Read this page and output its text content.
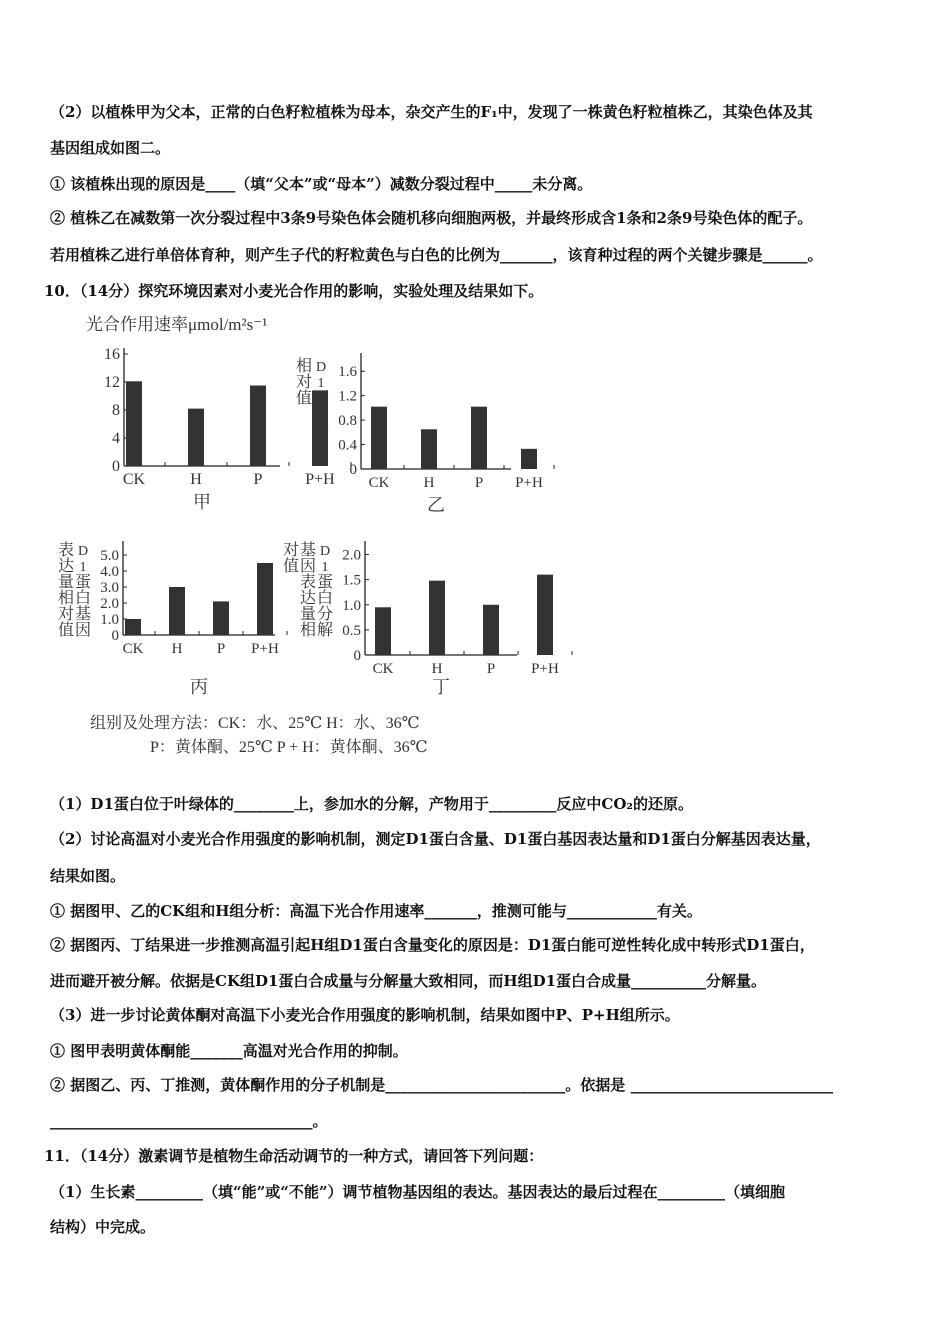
（2）以植株甲为父本，正常的白色籽粒植株为母本，杂交产生的F₁中，发现了一株黄色籽粒植株乙，其染色体及其
基因组成如图二。
① 该植株出现的原因是____（填“父本”或“母本”）减数分裂过程中_____未分离。
② 植株乙在减数第一次分裂过程中3条9号染色体会随机移向细胞两极，并最终形成含1条和2条9号染色体的配子。
若用植株乙进行单倍体育种，则产生子代的籽粒黄色与白色的比例为_______，该育种过程的两个关键步骤是______。
10．（14分）探究环境因素对小麦光合作用的影响，实验处理及结果如下。
0
4
8
12
16
CK	H	P	P+H
甲
光合作用速率μmol/m²s⁻¹
0
0.4
0.8
1.2
1.6
CK H	P P+H
乙
D
1
蛋
白
含
量
相
对
值
0
1.0
2.0
3.0
4.0
5.0
CK H P P+H
丙
D
1
蛋
白
基
因
表
达
量
相
对
值
0
0.5
1.0
1.5
2.0
CK	H	P P+H
丁
D
1
蛋
白
分
解
基
因
表
达
量
相
对
值
组别及处理方法：CK：水、25℃ H：水、36℃
P：黄体酮、25℃ P + H：黄体酮、36℃
（1）D1蛋白位于叶绿体的________上，参加水的分解，产物用于_________反应中CO₂的还原。
（2）讨论高温对小麦光合作用强度的影响机制，测定D1蛋白含量、D1蛋白基因表达量和D1蛋白分解基因表达量，
结果如图。
① 据图甲、乙的CK组和H组分析：高温下光合作用速率_______，推测可能与____________有关。
② 据图丙、丁结果进一步推测高温引起H组D1蛋白含量变化的原因是：D1蛋白能可逆性转化成中转形式D1蛋白，
进而避开被分解。依据是CK组D1蛋白合成量与分解量大致相同，而H组D1蛋白合成量__________分解量。
（3）进一步讨论黄体酮对高温下小麦光合作用强度的影响机制，结果如图中P、P+H组所示。
① 图甲表明黄体酮能_______高温对光合作用的抑制。
② 据图乙、丙、丁推测，黄体酮作用的分子机制是________________________。依据是 ___________________________
___________________________________。
11．（14分）激素调节是植物生命活动调节的一种方式，请回答下列问题：
（1）生长素_________（填“能”或“不能”）调节植物基因组的表达。基因表达的最后过程在_________（填细胞
结构）中完成。
